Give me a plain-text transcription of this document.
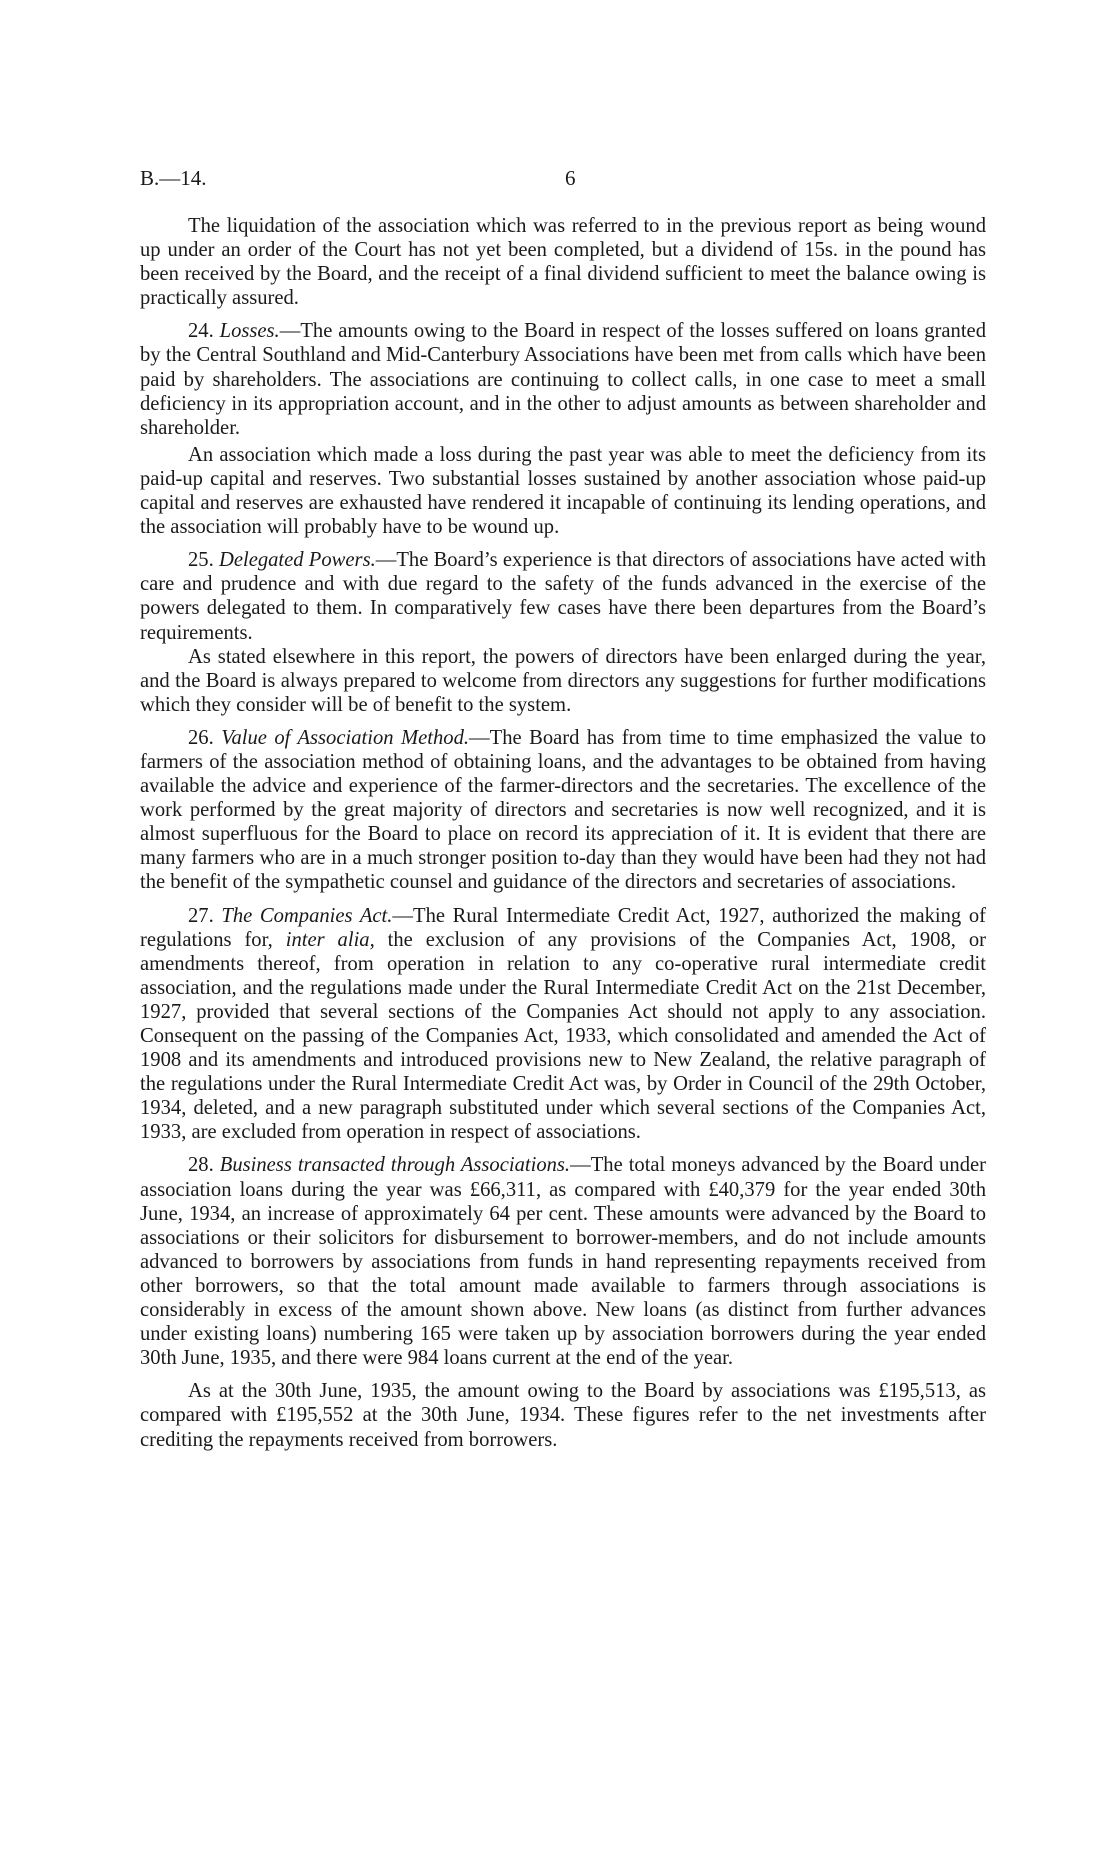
B.—14.	6

The liquidation of the association which was referred to in the previous report as being wound up under an order of the Court has not yet been completed, but a dividend of 15s. in the pound has been received by the Board, and the receipt of a final dividend sufficient to meet the balance owing is practically assured.

24. Losses.—The amounts owing to the Board in respect of the losses suffered on loans granted by the Central Southland and Mid-Canterbury Associations have been met from calls which have been paid by shareholders. The associations are continuing to collect calls, in one case to meet a small deficiency in its appropriation account, and in the other to adjust amounts as between shareholder and shareholder.

An association which made a loss during the past year was able to meet the deficiency from its paid-up capital and reserves. Two substantial losses sustained by another association whose paid-up capital and reserves are exhausted have rendered it incapable of continuing its lending operations, and the association will probably have to be wound up.

25. Delegated Powers.—The Board’s experience is that directors of associations have acted with care and prudence and with due regard to the safety of the funds advanced in the exercise of the powers delegated to them. In comparatively few cases have there been departures from the Board’s requirements.

As stated elsewhere in this report, the powers of directors have been enlarged during the year, and the Board is always prepared to welcome from directors any suggestions for further modifications which they consider will be of benefit to the system.

26. Value of Association Method.—The Board has from time to time emphasized the value to farmers of the association method of obtaining loans, and the advantages to be obtained from having available the advice and experience of the farmer-directors and the secretaries. The excellence of the work performed by the great majority of directors and secretaries is now well recognized, and it is almost superfluous for the Board to place on record its appreciation of it. It is evident that there are many farmers who are in a much stronger position to-day than they would have been had they not had the benefit of the sympathetic counsel and guidance of the directors and secretaries of associations.

27. The Companies Act.—The Rural Intermediate Credit Act, 1927, authorized the making of regulations for, inter alia, the exclusion of any provisions of the Companies Act, 1908, or amendments thereof, from operation in relation to any co-operative rural intermediate credit association, and the regulations made under the Rural Intermediate Credit Act on the 21st December, 1927, provided that several sections of the Companies Act should not apply to any association. Consequent on the passing of the Companies Act, 1933, which consolidated and amended the Act of 1908 and its amendments and introduced provisions new to New Zealand, the relative paragraph of the regulations under the Rural Intermediate Credit Act was, by Order in Council of the 29th October, 1934, deleted, and a new paragraph substituted under which several sections of the Companies Act, 1933, are excluded from operation in respect of associations.

28. Business transacted through Associations.—The total moneys advanced by the Board under association loans during the year was £66,311, as compared with £40,379 for the year ended 30th June, 1934, an increase of approximately 64 per cent. These amounts were advanced by the Board to associations or their solicitors for disbursement to borrower-members, and do not include amounts advanced to borrowers by associations from funds in hand representing repayments received from other borrowers, so that the total amount made available to farmers through associations is considerably in excess of the amount shown above. New loans (as distinct from further advances under existing loans) numbering 165 were taken up by association borrowers during the year ended 30th June, 1935, and there were 984 loans current at the end of the year.

As at the 30th June, 1935, the amount owing to the Board by associations was £195,513, as compared with £195,552 at the 30th June, 1934. These figures refer to the net investments after crediting the repayments received from borrowers.
